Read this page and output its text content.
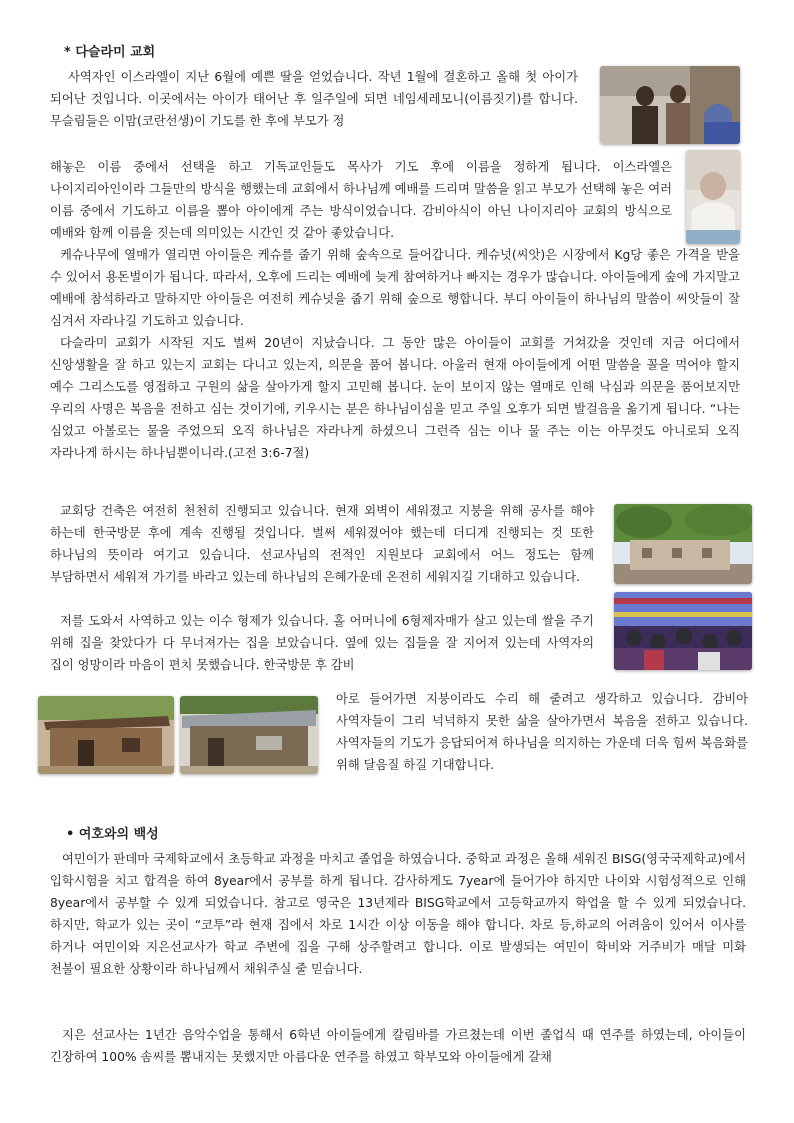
* 다슬라미 교회

사역자인 이스라엘이 지난 6월에 예쁜 딸을 얻었습니다. 작년 1월에 결혼하고 올해 첫 아이가 되어난 것입니다. 이곳에서는 아이가 태어난 후 일주일에 되면 네임세레모니(이름짓기)를 합니다. 무슬림들은 이맘(코란선생)이 기도를 한 후에 부모가 정

해놓은 이름 중에서 선택을 하고 기독교인들도 목사가 기도 후에 이름을 정하게 됩니다. 이스라엘은 나이지리아인이라 그들만의 방식을 행했는데 교회에서 하나님께 예배를 드리며 말씀을 읽고 부모가 선택해 놓은 여러 이름 중에서 기도하고 이름을 뽑아 아이에게 주는 방식이었습니다. 감비아식이 아닌 나이지리아 교회의 방식으로 예배와 함께 이름을 짓는데 의미있는 시간인 것 같아 좋았습니다.

케슈나무에 열매가 열리면 아이들은 케슈를 줍기 위해 숲속으로 들어갑니다. 케슈넛(씨앗)은 시장에서 Kg당 좋은 가격을 받을 수 있어서 용돈벌이가 됩니다. 따라서, 오후에 드리는 예배에 늦게 참여하거나 빠지는 경우가 많습니다. 아이들에게 숲에 가지말고 예배에 참석하라고 말하지만 아이들은 여전히 케슈넛을 줍기 위해 숲으로 행합니다. 부디 아이들이 하나님의 말씀이 씨앗들이 잘 심겨서 자라나길 기도하고 있습니다.

다슬라미 교회가 시작된 지도 벌써 20년이 지났습니다. 그 동안 많은 아이들이 교회를 거쳐갔을 것인데 지금 어디에서 신앙생활을 잘 하고 있는지 교회는 다니고 있는지, 의문을 품어 봅니다. 아울러 현재 아이들에게 어떤 말씀을 꼴을 먹어야 할지 예수 그리스도를 영접하고 구원의 삶을 살아가게 할지 고민해 봅니다. 눈이 보이지 않는 열매로 인해 낙심과 의문을 품어보지만 우리의 사명은 복음을 전하고 심는 것이기에, 키우시는 분은 하나님이심을 믿고 주일 오후가 되면 발걸음을 옮기게 됩니다. “나는 심었고 아볼로는 물을 주었으되 오직 하나님은 자라나게 하셨으니 그런즉 심는 이나 물 주는 이는 아무것도 아니로되 오직 자라나게 하시는 하나님뿐이니라.(고전 3:6-7절)

교회당 건축은 여전히 천천히 진행되고 있습니다. 현재 외벽이 세워졌고 지붕을 위해 공사를 해야 하는데 한국방문 후에 계속 진행될 것입니다. 벌써 세워졌어야 했는데 더디게 진행되는 것 또한 하나님의 뜻이라 여기고 있습니다. 선교사님의 전적인 지원보다 교회에서 어느 정도는 함께 부담하면서 세워져 가기를 바라고 있는데 하나님의 은혜가운데 온전히 세워지길 기대하고 있습니다.

저를 도와서 사역하고 있는 이수 형제가 있습니다. 홀 어머니에 6형제자매가 살고 있는데 쌀을 주기 위해 집을 찾았다가 다 무너져가는 집을 보았습니다. 옆에 있는 집들을 잘 지어져 있는데 사역자의 집이 엉망이라 마음이 편치 못했습니다. 한국방문 후 감비

아로 들어가면 지붕이라도 수리 해 줄려고 생각하고 있습니다. 감비아 사역자들이 그리 넉넉하지 못한 삶을 살아가면서 복음을 전하고 있습니다. 사역자들의 기도가 응답되어져 하나님을 의지하는 가운데 더욱 힘써 복음화를 위해 달음질 하길 기대합니다.

• 여호와의 백성

여민이가 판데마 국제학교에서 초등학교 과정을 마치고 졸업을 하였습니다. 중학교 과정은 올해 세워진 BISG(영국국제학교)에서 입학시험을 치고 합격을 하여 8year에서 공부를 하게 됩니다. 감사하게도 7year에 들어가야 하지만 나이와 시험성적으로 인해 8year에서 공부할 수 있게 되었습니다. 참고로 영국은 13년제라 BISG학교에서 고등학교까지 학업을 할 수 있게 되었습니다. 하지만, 학교가 있는 곳이 “코투”라 현재 집에서 차로 1시간 이상 이동을 해야 합니다. 차로 등,하교의 어려움이 있어서 이사를 하거나 여민이와 지은선교사가 학교 주변에 집을 구해 상주할려고 합니다. 이로 발생되는 여민이 학비와 거주비가 매달 미화 천불이 필요한 상황이라 하나님께서 채워주실 줄 믿습니다.

지은 선교사는 1년간 음악수업을 통해서 6학년 아이들에게 칼림바를 가르쳤는데 이번 졸업식 때 연주를 하였는데, 아이들이 긴장하여 100% 솜씨를 뽐내지는 못했지만 아름다운 연주를 하였고 학부모와 아이들에게 갈채
